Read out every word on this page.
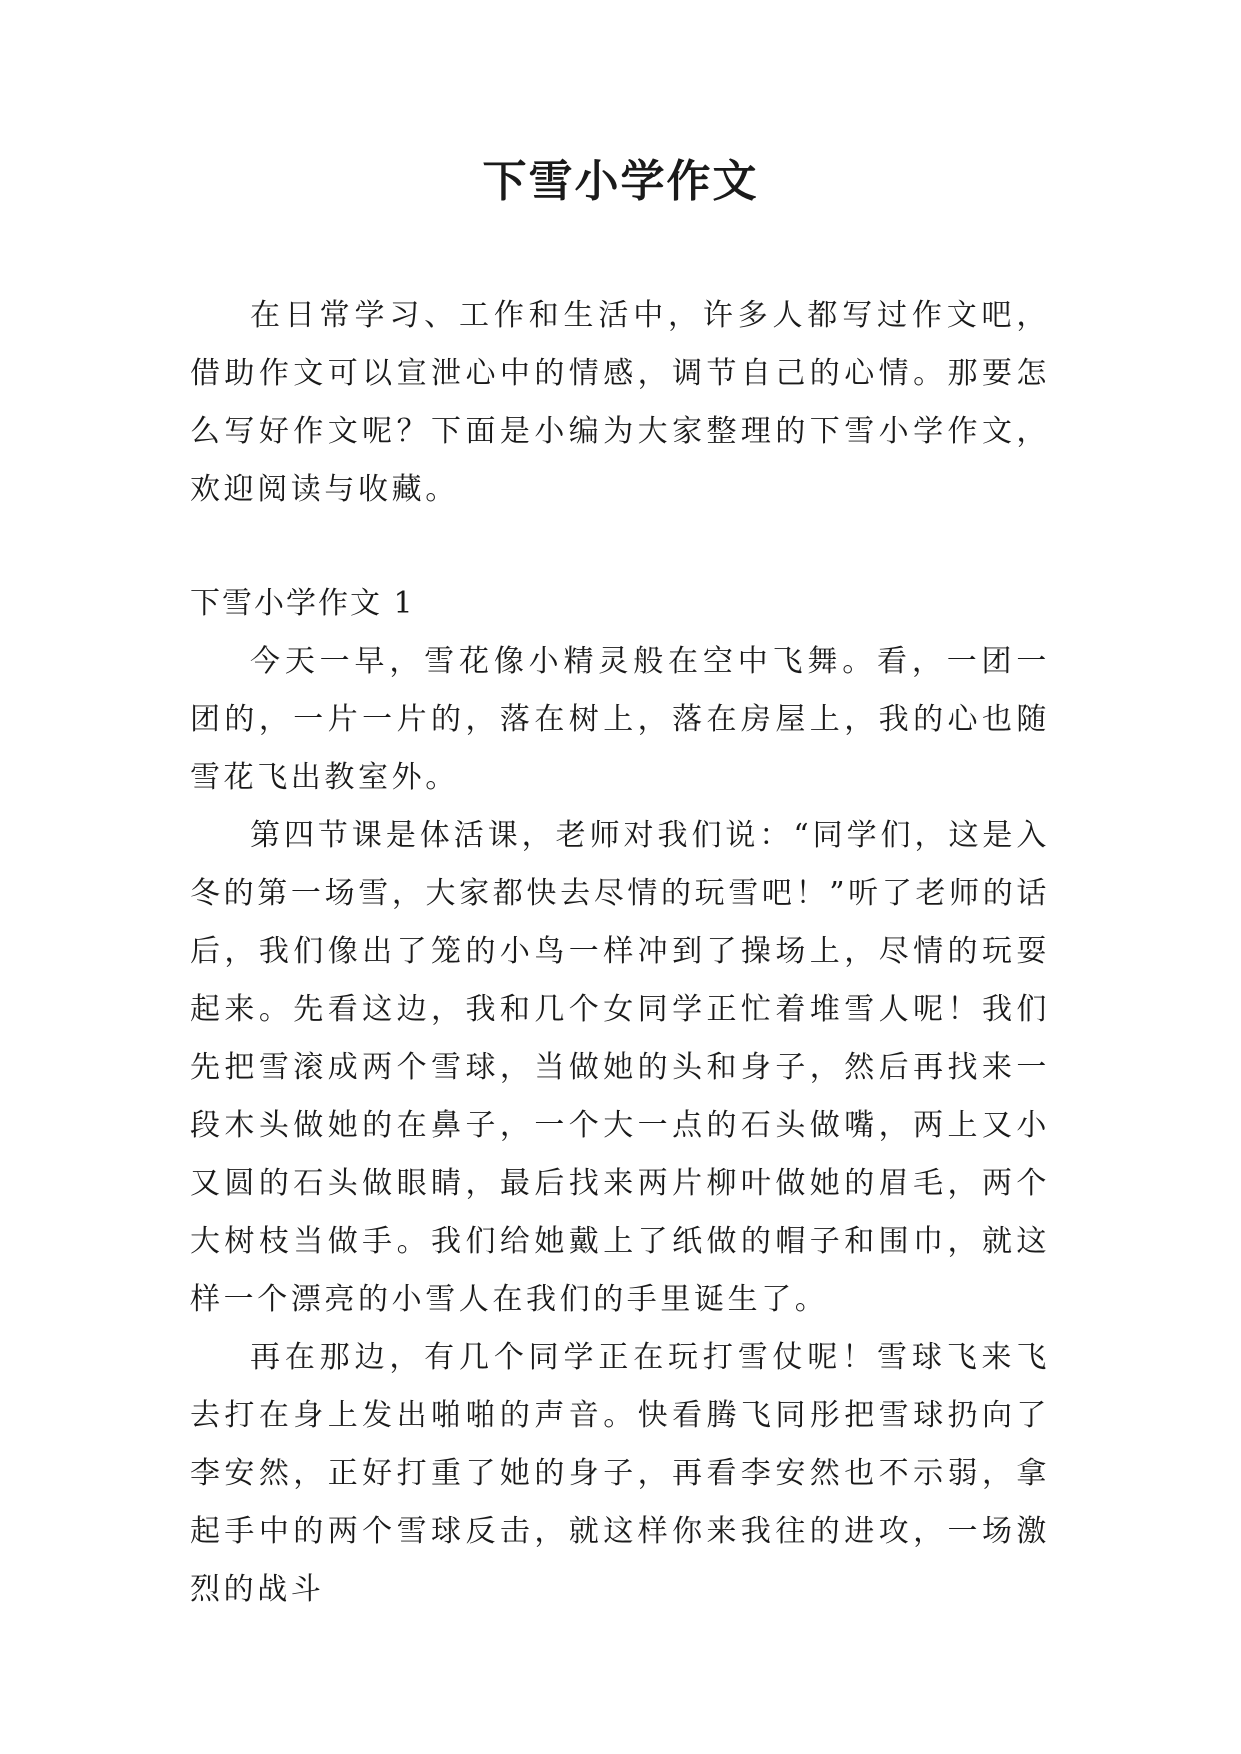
下雪小学作文

在日常学习、工作和生活中，许多人都写过作文吧，借助作文可以宣泄心中的情感，调节自己的心情。那要怎么写好作文呢？下面是小编为大家整理的下雪小学作文，欢迎阅读与收藏。

下雪小学作文 1

今天一早，雪花像小精灵般在空中飞舞。看，一团一团的，一片一片的，落在树上，落在房屋上，我的心也随雪花飞出教室外。

第四节课是体活课，老师对我们说：“同学们，这是入冬的第一场雪，大家都快去尽情的玩雪吧！”听了老师的话后，我们像出了笼的小鸟一样冲到了操场上，尽情的玩耍起来。先看这边，我和几个女同学正忙着堆雪人呢！我们先把雪滚成两个雪球，当做她的头和身子，然后再找来一段木头做她的在鼻子，一个大一点的石头做嘴，两上又小又圆的石头做眼睛，最后找来两片柳叶做她的眉毛，两个大树枝当做手。我们给她戴上了纸做的帽子和围巾，就这样一个漂亮的小雪人在我们的手里诞生了。

再在那边，有几个同学正在玩打雪仗呢！雪球飞来飞去打在身上发出啪啪的声音。快看腾飞同彤把雪球扔向了李安然，正好打重了她的身子，再看李安然也不示弱，拿起手中的两个雪球反击，就这样你来我往的进攻，一场激烈的战斗
